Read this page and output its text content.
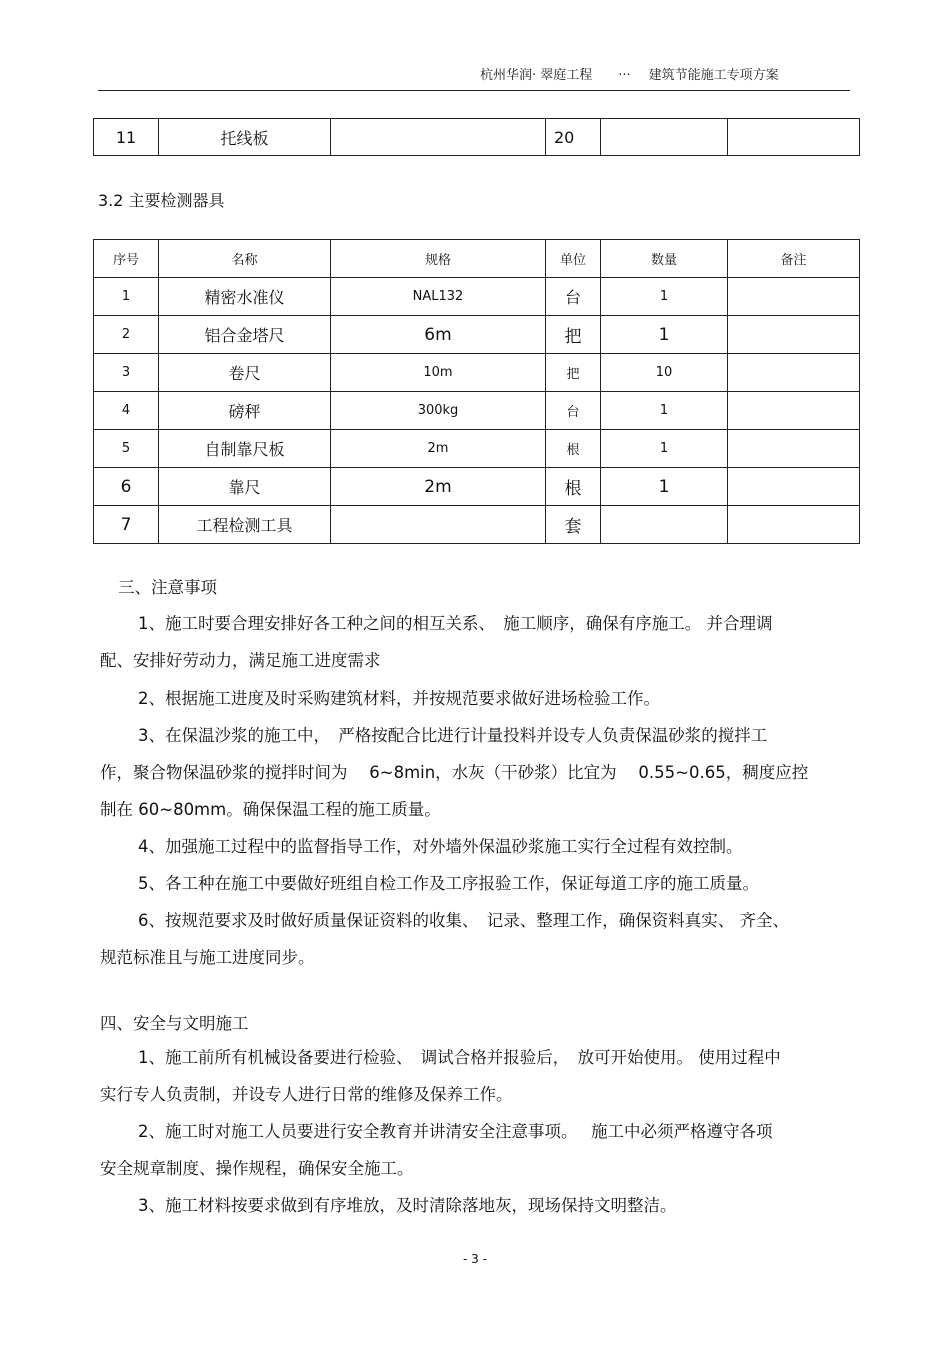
杭州华润· 翠庭工程 ··· 建筑节能施工专项方案
11	托线板		20		
3.2 主要检测器具
序号	名称	规格	单位	数量	备注
1	精密水准仪	NAL132	台	1	
2	铝合金塔尺	6m	把	1	
3	卷尺	10m	把	10	
4	磅秤	300kg	台	1	
5	自制靠尺板	2m	根	1	
6	靠尺	2m	根	1	
7	工程检测工具		套		
三、注意事项
1、施工时要合理安排好各工种之间的相互关系、　施工顺序，确保有序施工。 并合理调
配、安排好劳动力，满足施工进度需求
2、根据施工进度及时采购建筑材料，并按规范要求做好进场检验工作。
3、在保温沙浆的施工中，　严格按配合比进行计量投料并设专人负责保温砂浆的搅拌工
作，聚合物保温砂浆的搅拌时间为　 6~8min，水灰（干砂浆）比宜为　 0.55~0.65，稠度应控
制在 60~80mm。确保保温工程的施工质量。
4、加强施工过程中的监督指导工作，对外墙外保温砂浆施工实行全过程有效控制。
5、各工种在施工中要做好班组自检工作及工序报验工作，保证每道工序的施工质量。
6、按规范要求及时做好质量保证资料的收集、　记录、整理工作，确保资料真实、 齐全、
规范标准且与施工进度同步。
四、安全与文明施工
1、施工前所有机械设备要进行检验、　调试合格并报验后，　放可开始使用。 使用过程中
实行专人负责制，并设专人进行日常的维修及保养工作。
2、施工时对施工人员要进行安全教育并讲清安全注意事项。　 施工中必须严格遵守各项
安全规章制度、操作规程，确保安全施工。
3、施工材料按要求做到有序堆放，及时清除落地灰，现场保持文明整洁。
- 3 -
